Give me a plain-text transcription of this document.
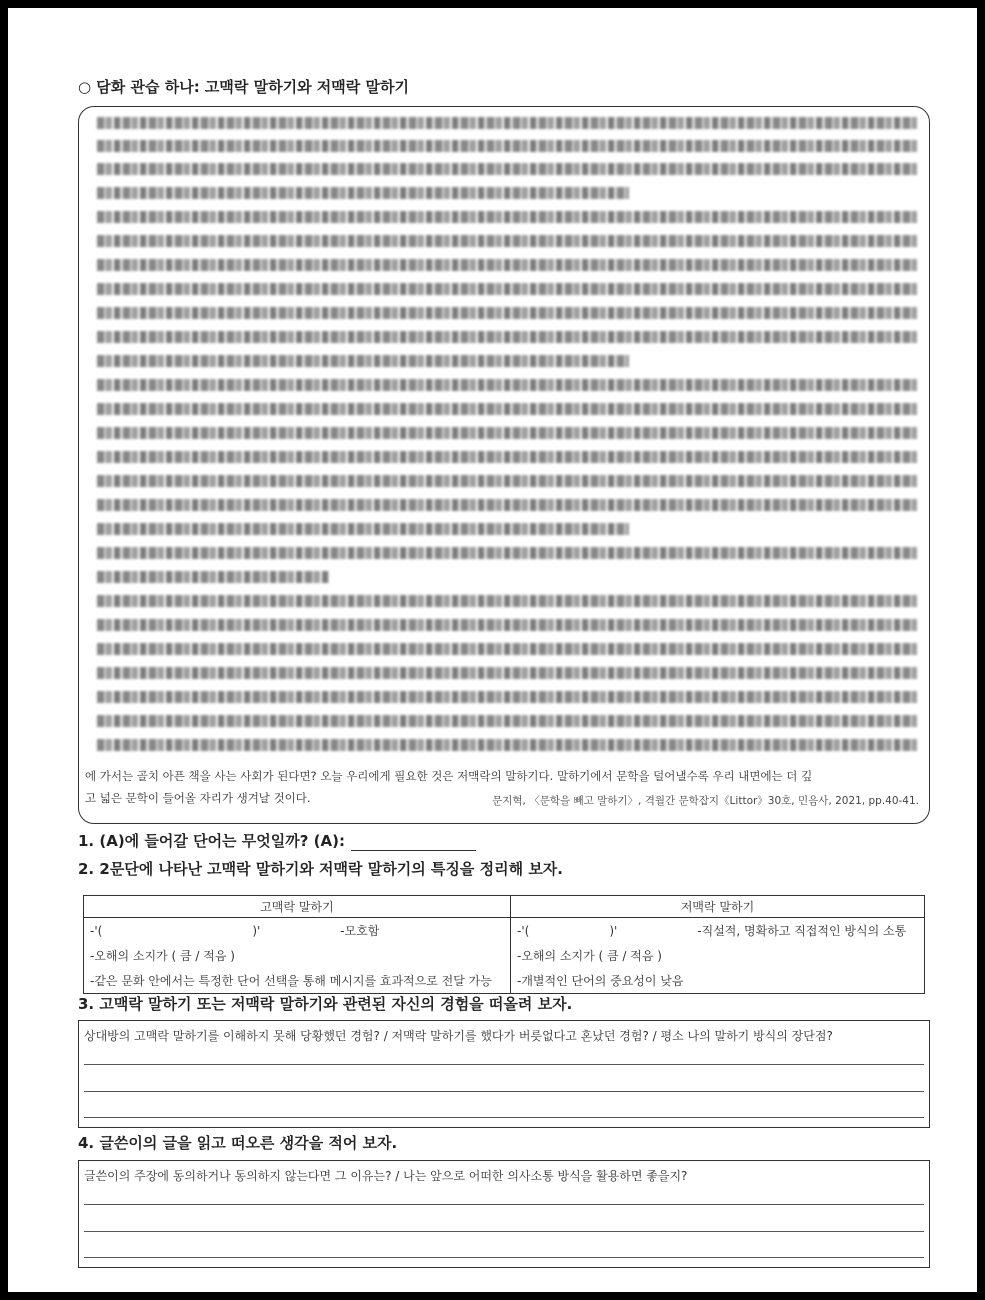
○ 담화 관습 하나: 고맥락 말하기와 저맥락 말하기
에 가서는 골치 아픈 책을 사는 사회가 된다면? 오늘 우리에게 필요한 것은 저맥락의 말하기다. 말하기에서 문학을 덜어낼수록 우리 내면에는 더 깊
고 넓은 문학이 들어올 자리가 생겨날 것이다.	문지혁, 〈문학을 빼고 말하기〉, 격월간 문학잡지《Littor》30호, 민음사, 2021, pp.40-41.
1. (A)에 들어갈 단어는 무엇일까? (A):
2. 2문단에 나타난 고맥락 말하기와 저맥락 말하기의 특징을 정리해 보자.
고맥락 말하기	저맥락 말하기
-'( )' -모호함	-'( )' -직설적, 명확하고 직접적인 방식의 소통
-오해의 소지가 ( 큼 / 적음 )	-오해의 소지가 ( 큼 / 적음 )
-같은 문화 안에서는 특정한 단어 선택을 통해 메시지를 효과적으로 전달 가능	-개별적인 단어의 중요성이 낮음
3. 고맥락 말하기 또는 저맥락 말하기와 관련된 자신의 경험을 떠올려 보자.
상대방의 고맥락 말하기를 이해하지 못해 당황했던 경험? / 저맥락 말하기를 했다가 버릇없다고 혼났던 경험? / 평소 나의 말하기 방식의 장단점?
4. 글쓴이의 글을 읽고 떠오른 생각을 적어 보자.
글쓴이의 주장에 동의하거나 동의하지 않는다면 그 이유는? / 나는 앞으로 어떠한 의사소통 방식을 활용하면 좋을지?
